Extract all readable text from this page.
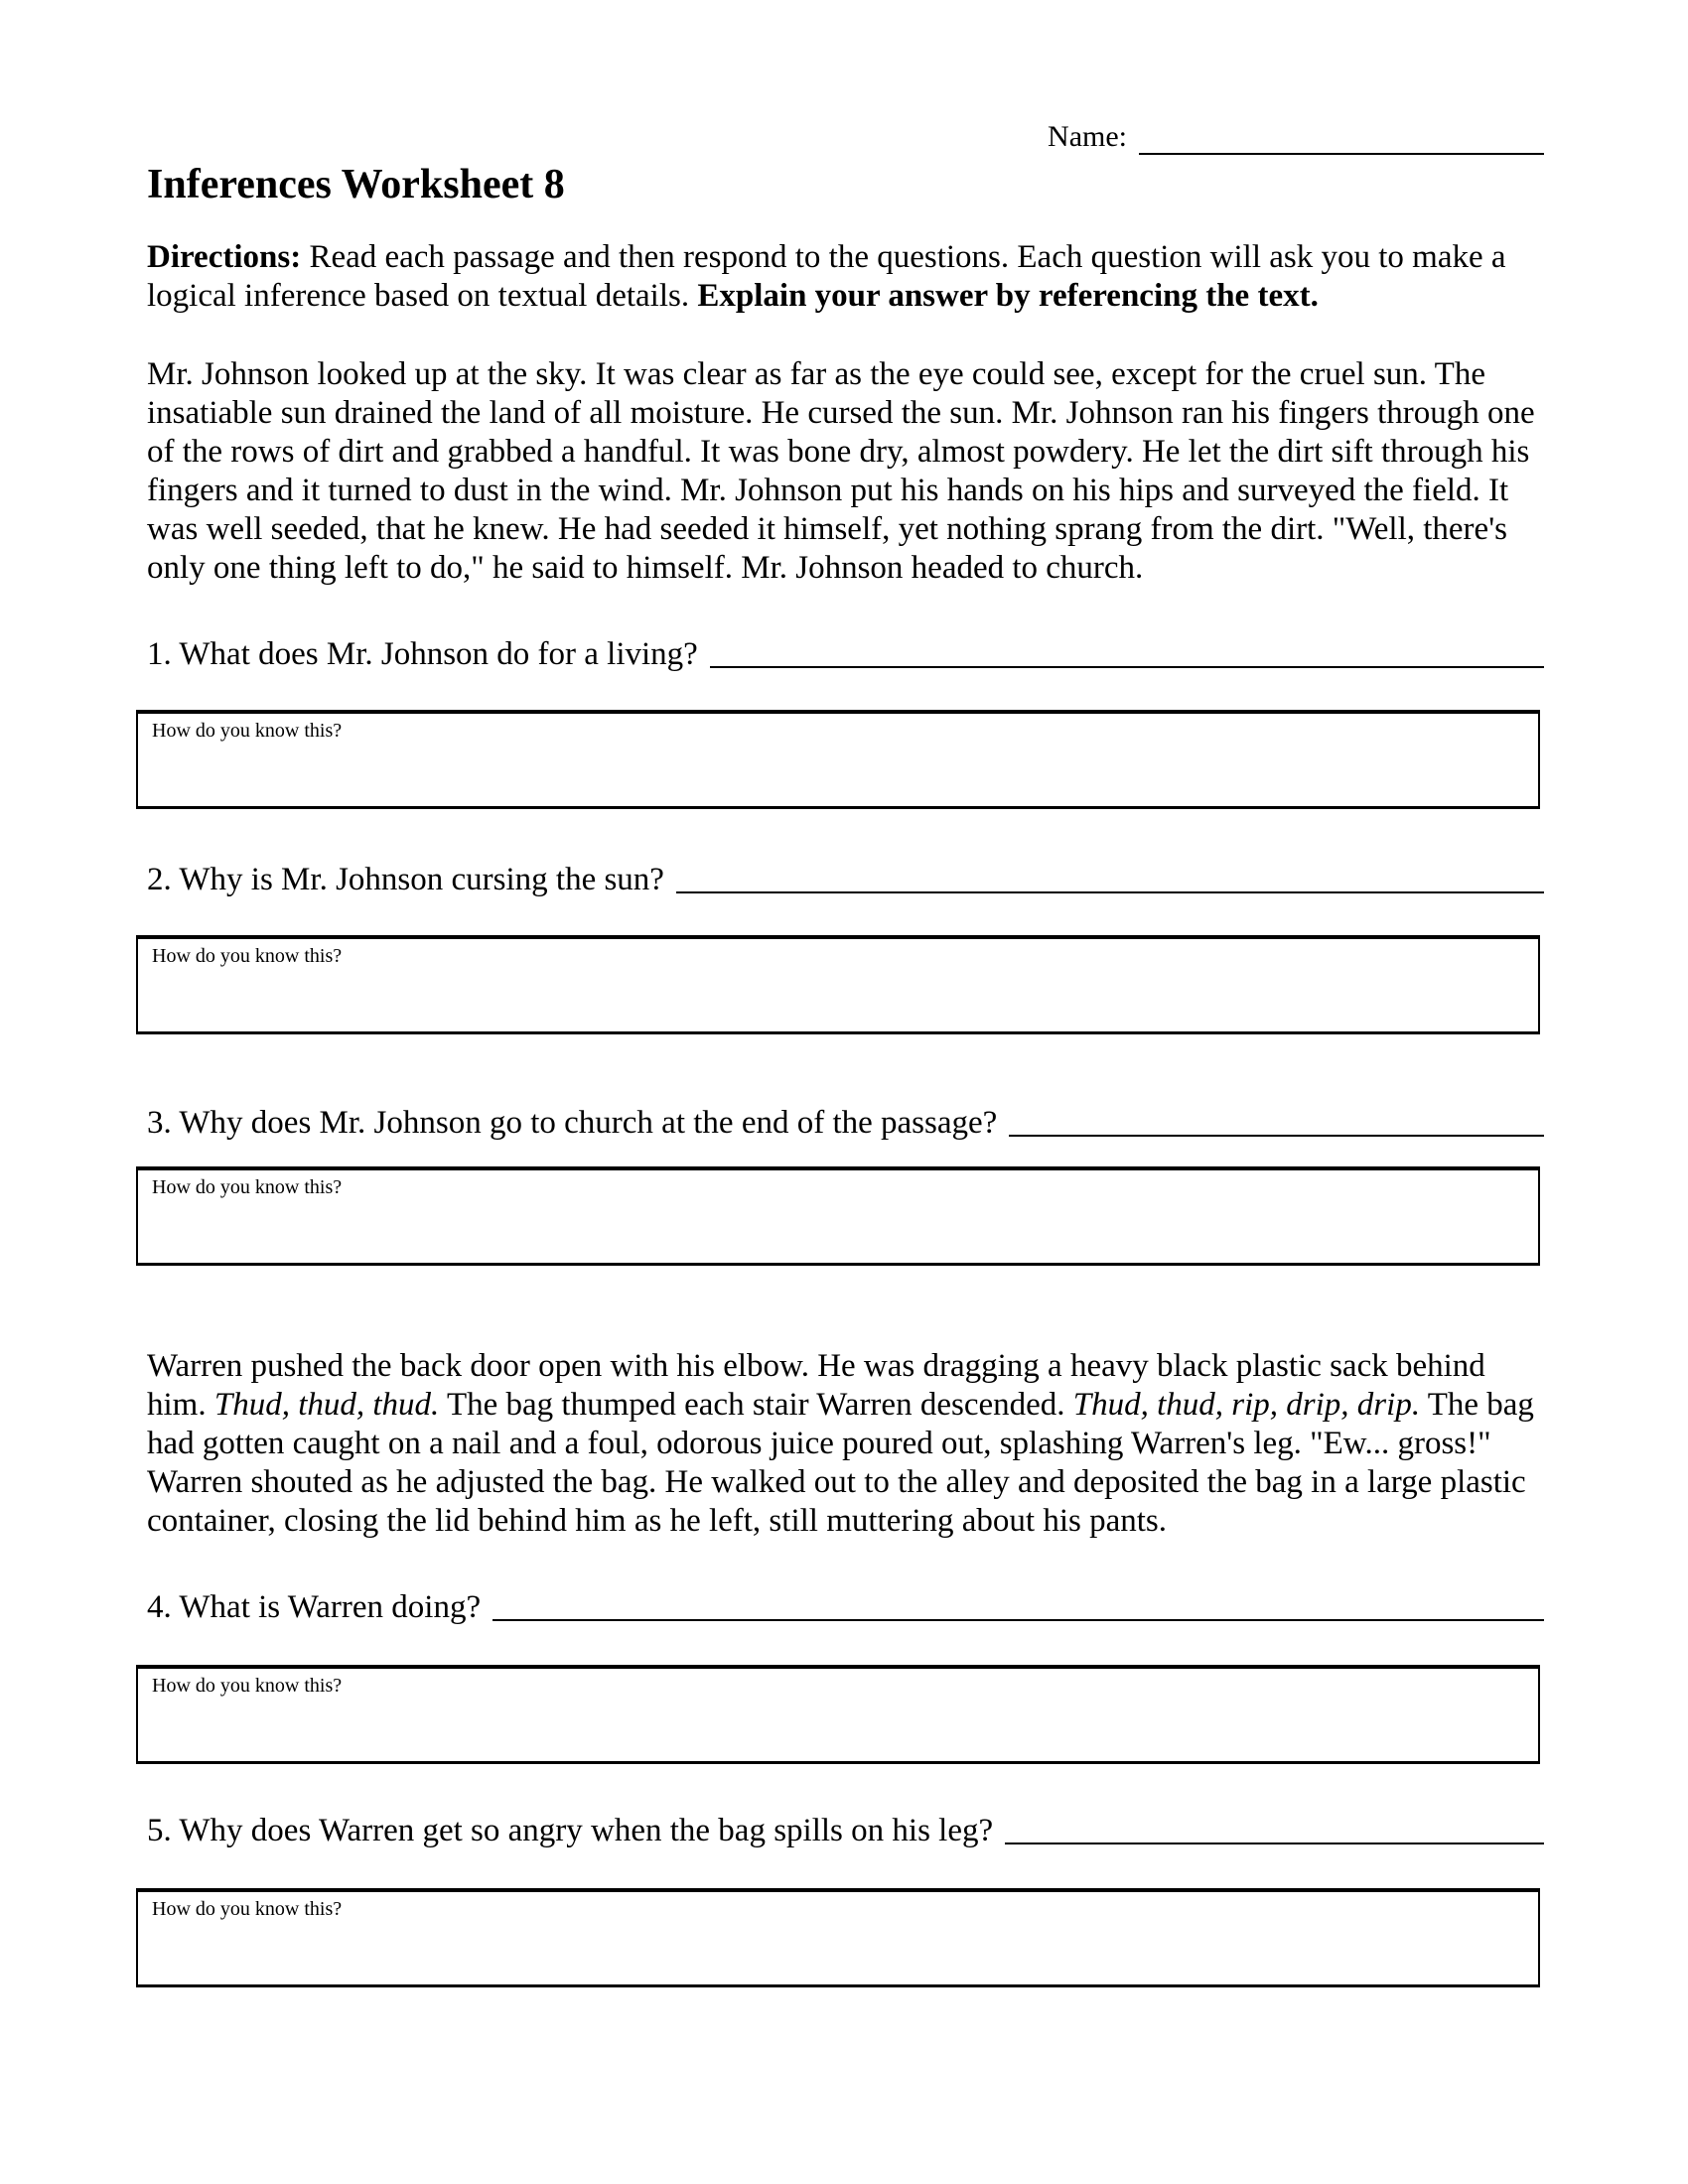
Name:
Inferences Worksheet 8

Directions: Read each passage and then respond to the questions. Each question will ask you to make a logical inference based on textual details. Explain your answer by referencing the text.

Mr. Johnson looked up at the sky. It was clear as far as the eye could see, except for the cruel sun. The insatiable sun drained the land of all moisture. He cursed the sun. Mr. Johnson ran his fingers through one of the rows of dirt and grabbed a handful. It was bone dry, almost powdery. He let the dirt sift through his fingers and it turned to dust in the wind. Mr. Johnson put his hands on his hips and surveyed the field. It was well seeded, that he knew. He had seeded it himself, yet nothing sprang from the dirt. "Well, there's only one thing left to do," he said to himself. Mr. Johnson headed to church.

1. What does Mr. Johnson do for a living?
How do you know this?
2. Why is Mr. Johnson cursing the sun?
How do you know this?
3. Why does Mr. Johnson go to church at the end of the passage?
How do you know this?

Warren pushed the back door open with his elbow. He was dragging a heavy black plastic sack behind him. Thud, thud, thud. The bag thumped each stair Warren descended. Thud, thud, rip, drip, drip. The bag had gotten caught on a nail and a foul, odorous juice poured out, splashing Warren's leg. "Ew... gross!" Warren shouted as he adjusted the bag. He walked out to the alley and deposited the bag in a large plastic container, closing the lid behind him as he left, still muttering about his pants.

4. What is Warren doing?
How do you know this?
5. Why does Warren get so angry when the bag spills on his leg?
How do you know this?
